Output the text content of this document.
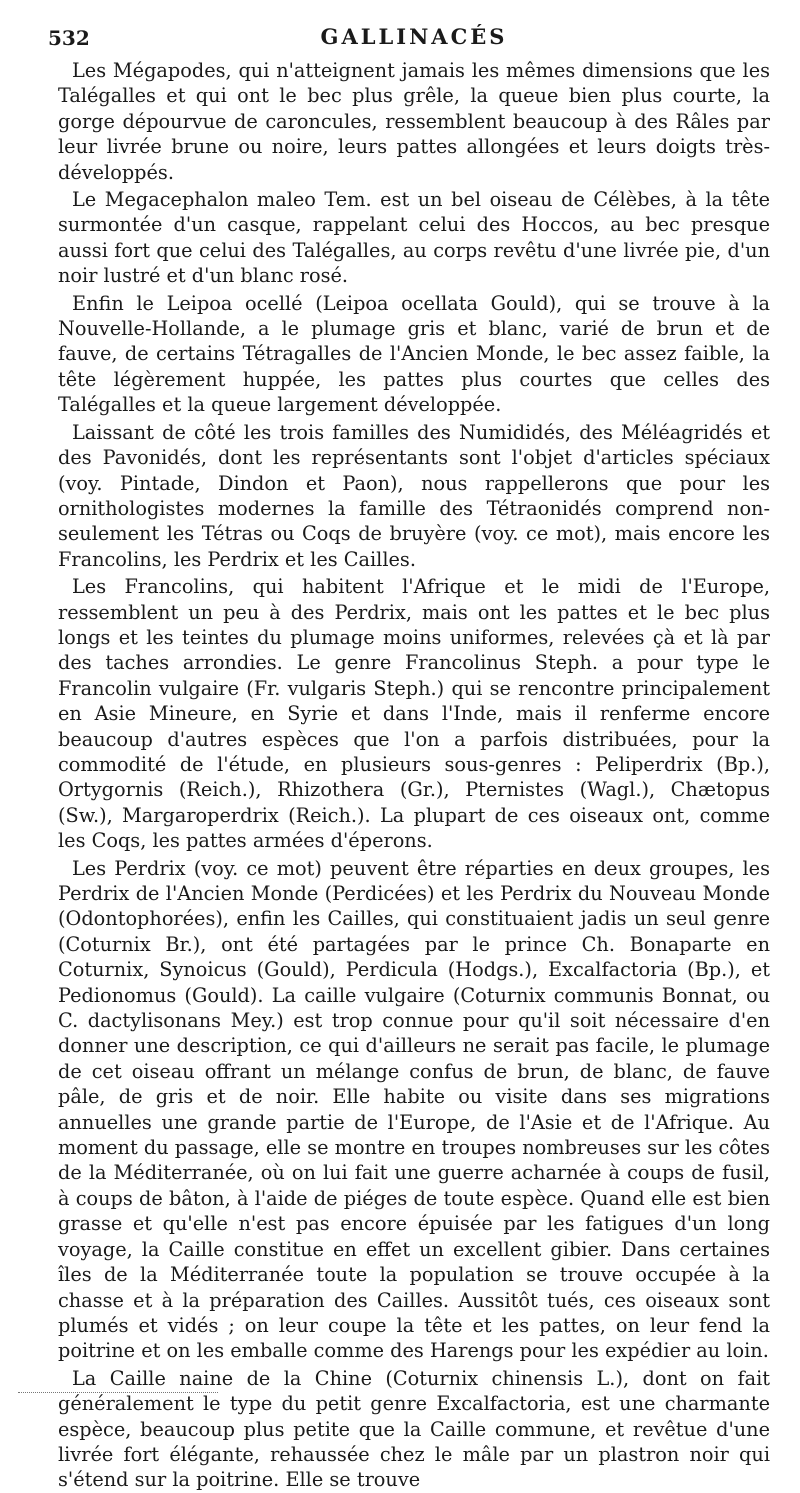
532	GALLINACÉS

Les Mégapodes, qui n'atteignent jamais les mêmes dimensions que les Talégalles et qui ont le bec plus grêle, la queue bien plus courte, la gorge dépourvue de caroncules, ressemblent beaucoup à des Râles par leur livrée brune ou noire, leurs pattes allongées et leurs doigts très-développés.

Le Megacephalon maleo Tem. est un bel oiseau de Célèbes, à la tête surmontée d'un casque, rappelant celui des Hoccos, au bec presque aussi fort que celui des Talégalles, au corps revêtu d'une livrée pie, d'un noir lustré et d'un blanc rosé.

Enfin le Leipoa ocellé (Leipoa ocellata Gould), qui se trouve à la Nouvelle-Hollande, a le plumage gris et blanc, varié de brun et de fauve, de certains Tétragalles de l'Ancien Monde, le bec assez faible, la tête légèrement huppée, les pattes plus courtes que celles des Talégalles et la queue largement développée.

Laissant de côté les trois familles des Numididés, des Méléagridés et des Pavonidés, dont les représentants sont l'objet d'articles spéciaux (voy. Pintade, Dindon et Paon), nous rappellerons que pour les ornithologistes modernes la famille des Tétraonidés comprend non-seulement les Tétras ou Coqs de bruyère (voy. ce mot), mais encore les Francolins, les Perdrix et les Cailles.

Les Francolins, qui habitent l'Afrique et le midi de l'Europe, ressemblent un peu à des Perdrix, mais ont les pattes et le bec plus longs et les teintes du plumage moins uniformes, relevées çà et là par des taches arrondies. Le genre Francolinus Steph. a pour type le Francolin vulgaire (Fr. vulgaris Steph.) qui se rencontre principalement en Asie Mineure, en Syrie et dans l'Inde, mais il renferme encore beaucoup d'autres espèces que l'on a parfois distribuées, pour la commodité de l'étude, en plusieurs sous-genres : Peliperdrix (Bp.), Ortygornis (Reich.), Rhizothera (Gr.), Pternistes (Wagl.), Chætopus (Sw.), Margaroperdrix (Reich.). La plupart de ces oiseaux ont, comme les Coqs, les pattes armées d'éperons.

Les Perdrix (voy. ce mot) peuvent être réparties en deux groupes, les Perdrix de l'Ancien Monde (Perdicées) et les Perdrix du Nouveau Monde (Odontophorées), enfin les Cailles, qui constituaient jadis un seul genre (Coturnix Br.), ont été partagées par le prince Ch. Bonaparte en Coturnix, Synoicus (Gould), Perdicula (Hodgs.), Excalfactoria (Bp.), et Pedionomus (Gould). La caille vulgaire (Coturnix communis Bonnat, ou C. dactylisonans Mey.) est trop connue pour qu'il soit nécessaire d'en donner une description, ce qui d'ailleurs ne serait pas facile, le plumage de cet oiseau offrant un mélange confus de brun, de blanc, de fauve pâle, de gris et de noir. Elle habite ou visite dans ses migrations annuelles une grande partie de l'Europe, de l'Asie et de l'Afrique. Au moment du passage, elle se montre en troupes nombreuses sur les côtes de la Méditerranée, où on lui fait une guerre acharnée à coups de fusil, à coups de bâton, à l'aide de piéges de toute espèce. Quand elle est bien grasse et qu'elle n'est pas encore épuisée par les fatigues d'un long voyage, la Caille constitue en effet un excellent gibier. Dans certaines îles de la Méditerranée toute la population se trouve occupée à la chasse et à la préparation des Cailles. Aussitôt tués, ces oiseaux sont plumés et vidés ; on leur coupe la tête et les pattes, on leur fend la poitrine et on les emballe comme des Harengs pour les expédier au loin.

La Caille naine de la Chine (Coturnix chinensis L.), dont on fait généralement le type du petit genre Excalfactoria, est une charmante espèce, beaucoup plus petite que la Caille commune, et revêtue d'une livrée fort élégante, rehaussée chez le mâle par un plastron noir qui s'étend sur la poitrine. Elle se trouve
